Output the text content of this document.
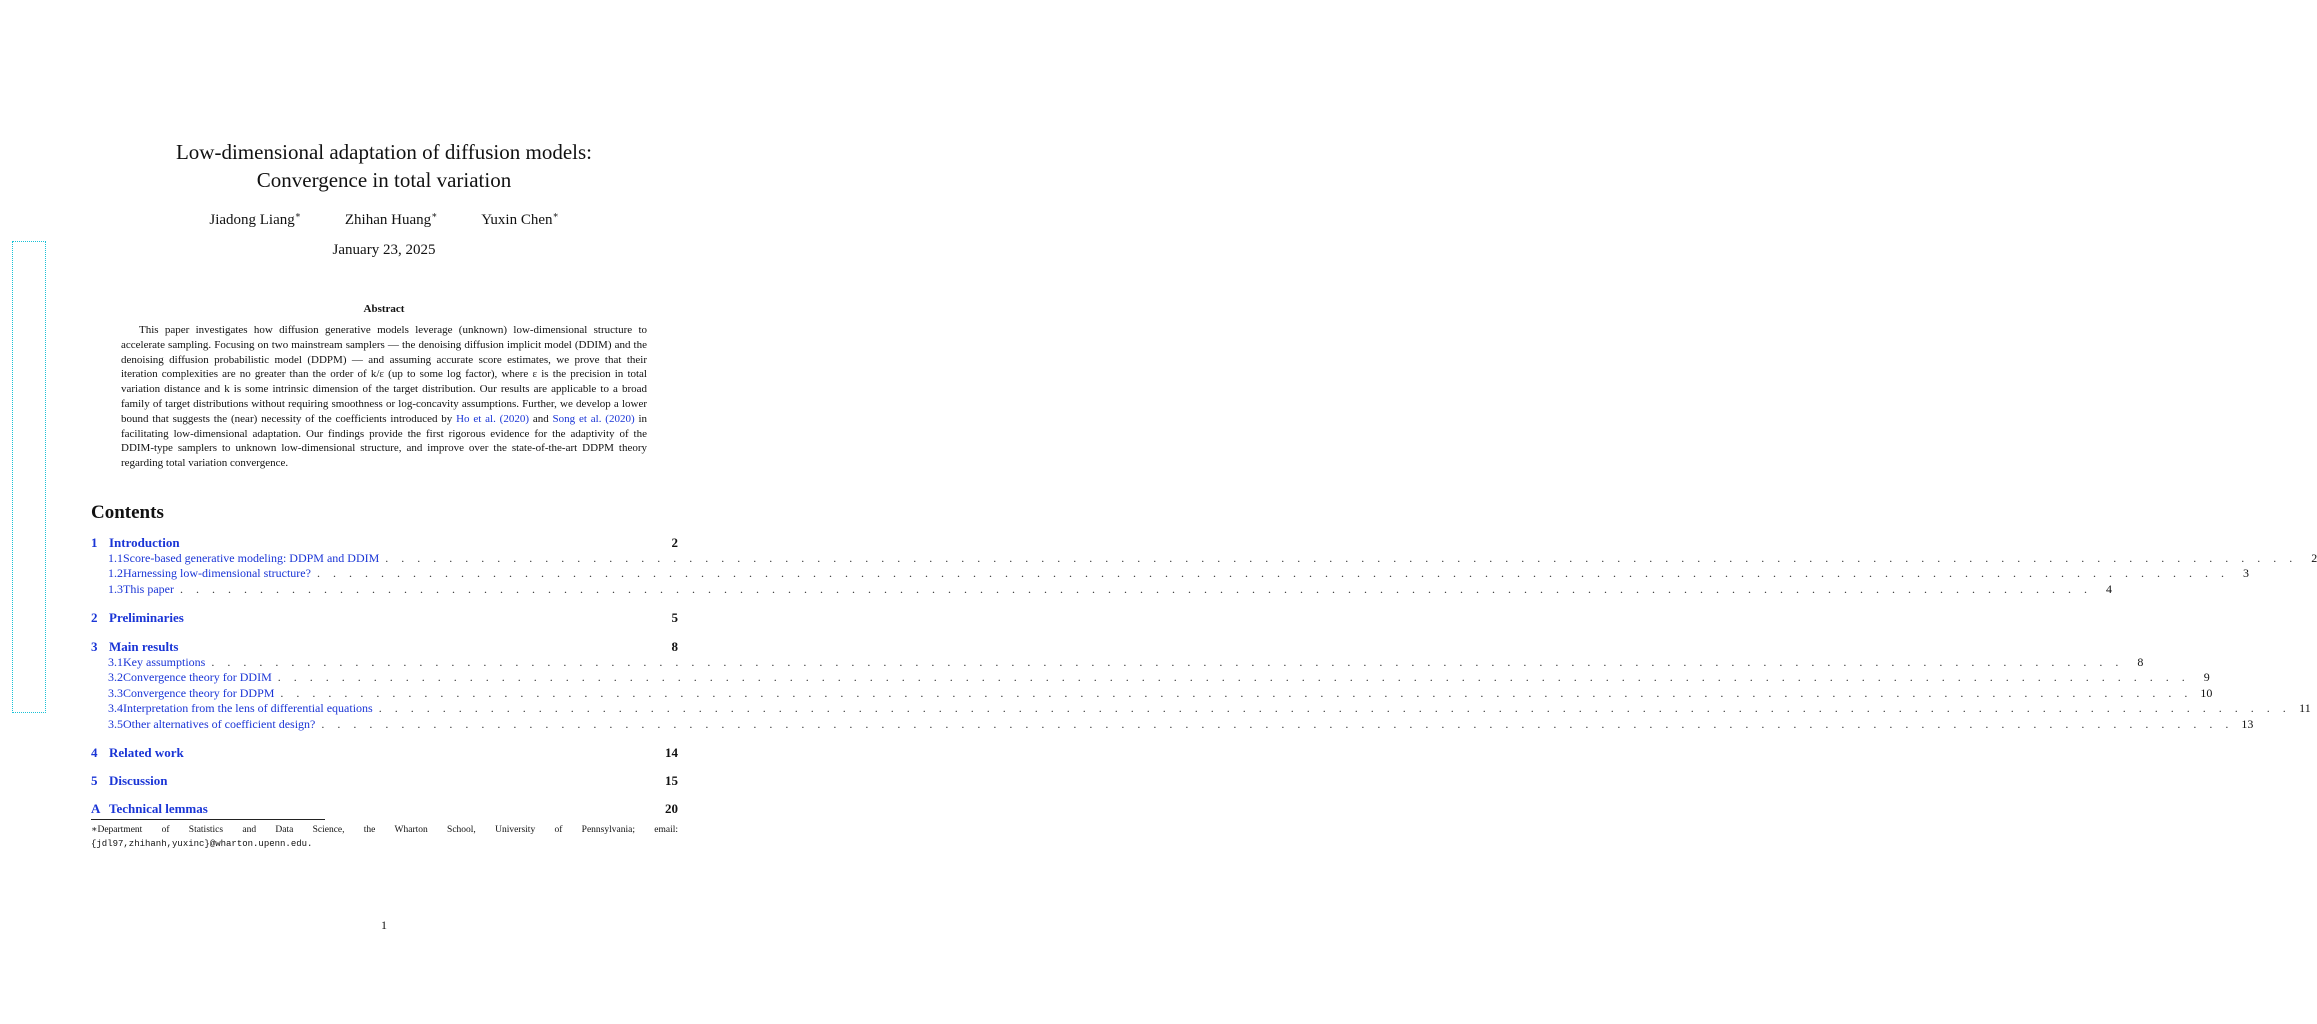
Low-dimensional adaptation of diffusion models:
Convergence in total variation
Jiadong Liang∗	Zhihan Huang∗	Yuxin Chen∗
January 23, 2025
Abstract
This paper investigates how diffusion generative models leverage (unknown) low-dimensional structure to accelerate sampling. Focusing on two mainstream samplers — the denoising diffusion implicit model (DDIM) and the denoising diffusion probabilistic model (DDPM) — and assuming accurate score estimates, we prove that their iteration complexities are no greater than the order of k/ε (up to some log factor), where ε is the precision in total variation distance and k is some intrinsic dimension of the target distribution. Our results are applicable to a broad family of target distributions without requiring smoothness or log-concavity assumptions. Further, we develop a lower bound that suggests the (near) necessity of the coefficients introduced by Ho et al. (2020) and Song et al. (2020) in facilitating low-dimensional adaptation. Our findings provide the first rigorous evidence for the adaptivity of the DDIM-type samplers to unknown low-dimensional structure, and improve over the state-of-the-art DDPM theory regarding total variation convergence.
Contents
1 Introduction	2
1.1 Score-based generative modeling: DDPM and DDIM . . . . . . . . . . . . . . . . . . . . . . . . . . . . . . . . . . . . . . . . . . . . . . . . . . . . . . . . . . . . . . . . . . . . . . . . . . . . . . . . . . . . . . . . . . . . . . . . . . . . . . . . . . . . . . . . . . . . . . . .	2
1.2 Harnessing low-dimensional structure? . . . . . . . . . . . . . . . . . . . . . . . . . . . . . . . . . . . . . . . . . . . . . . . . . . . . . . . . . . . . . . . . . . . . . . . . . . . . . . . . . . . . . . . . . . . . . . . . . . . . . . . . . . . . . . . . . . . . . . . .	3
1.3 This paper . . . . . . . . . . . . . . . . . . . . . . . . . . . . . . . . . . . . . . . . . . . . . . . . . . . . . . . . . . . . . . . . . . . . . . . . . . . . . . . . . . . . . . . . . . . . . . . . . . . . . . . . . . . . . . . . . . . . . . . .	4
2 Preliminaries	5
3 Main results	8
3.1 Key assumptions . . . . . . . . . . . . . . . . . . . . . . . . . . . . . . . . . . . . . . . . . . . . . . . . . . . . . . . . . . . . . . . . . . . . . . . . . . . . . . . . . . . . . . . . . . . . . . . . . . . . . . . . . . . . . . . . . . . . . . . .	8
3.2 Convergence theory for DDIM . . . . . . . . . . . . . . . . . . . . . . . . . . . . . . . . . . . . . . . . . . . . . . . . . . . . . . . . . . . . . . . . . . . . . . . . . . . . . . . . . . . . . . . . . . . . . . . . . . . . . . . . . . . . . . . . . . . . . . . .	9
3.3 Convergence theory for DDPM . . . . . . . . . . . . . . . . . . . . . . . . . . . . . . . . . . . . . . . . . . . . . . . . . . . . . . . . . . . . . . . . . . . . . . . . . . . . . . . . . . . . . . . . . . . . . . . . . . . . . . . . . . . . . . . . . . . . . . . . 10
3.4 Interpretation from the lens of differential equations . . . . . . . . . . . . . . . . . . . . . . . . . . . . . . . . . . . . . . . . . . . . . . . . . . . . . . . . . . . . . . . . . . . . . . . . . . . . . . . . . . . . . . . . . . . . . . . . . . . . . . . . . . . . . . . . . . . . . . . . 11
3.5 Other alternatives of coefficient design? . . . . . . . . . . . . . . . . . . . . . . . . . . . . . . . . . . . . . . . . . . . . . . . . . . . . . . . . . . . . . . . . . . . . . . . . . . . . . . . . . . . . . . . . . . . . . . . . . . . . . . . . . . . . . . . . . . . . . . . . 13
4 Related work	14
5 Discussion	15
A Technical lemmas	20
∗Department of Statistics and Data Science, the Wharton School, University of Pennsylvania; email:
{jdl97,zhihanh,yuxinc}@wharton.upenn.edu.
1
